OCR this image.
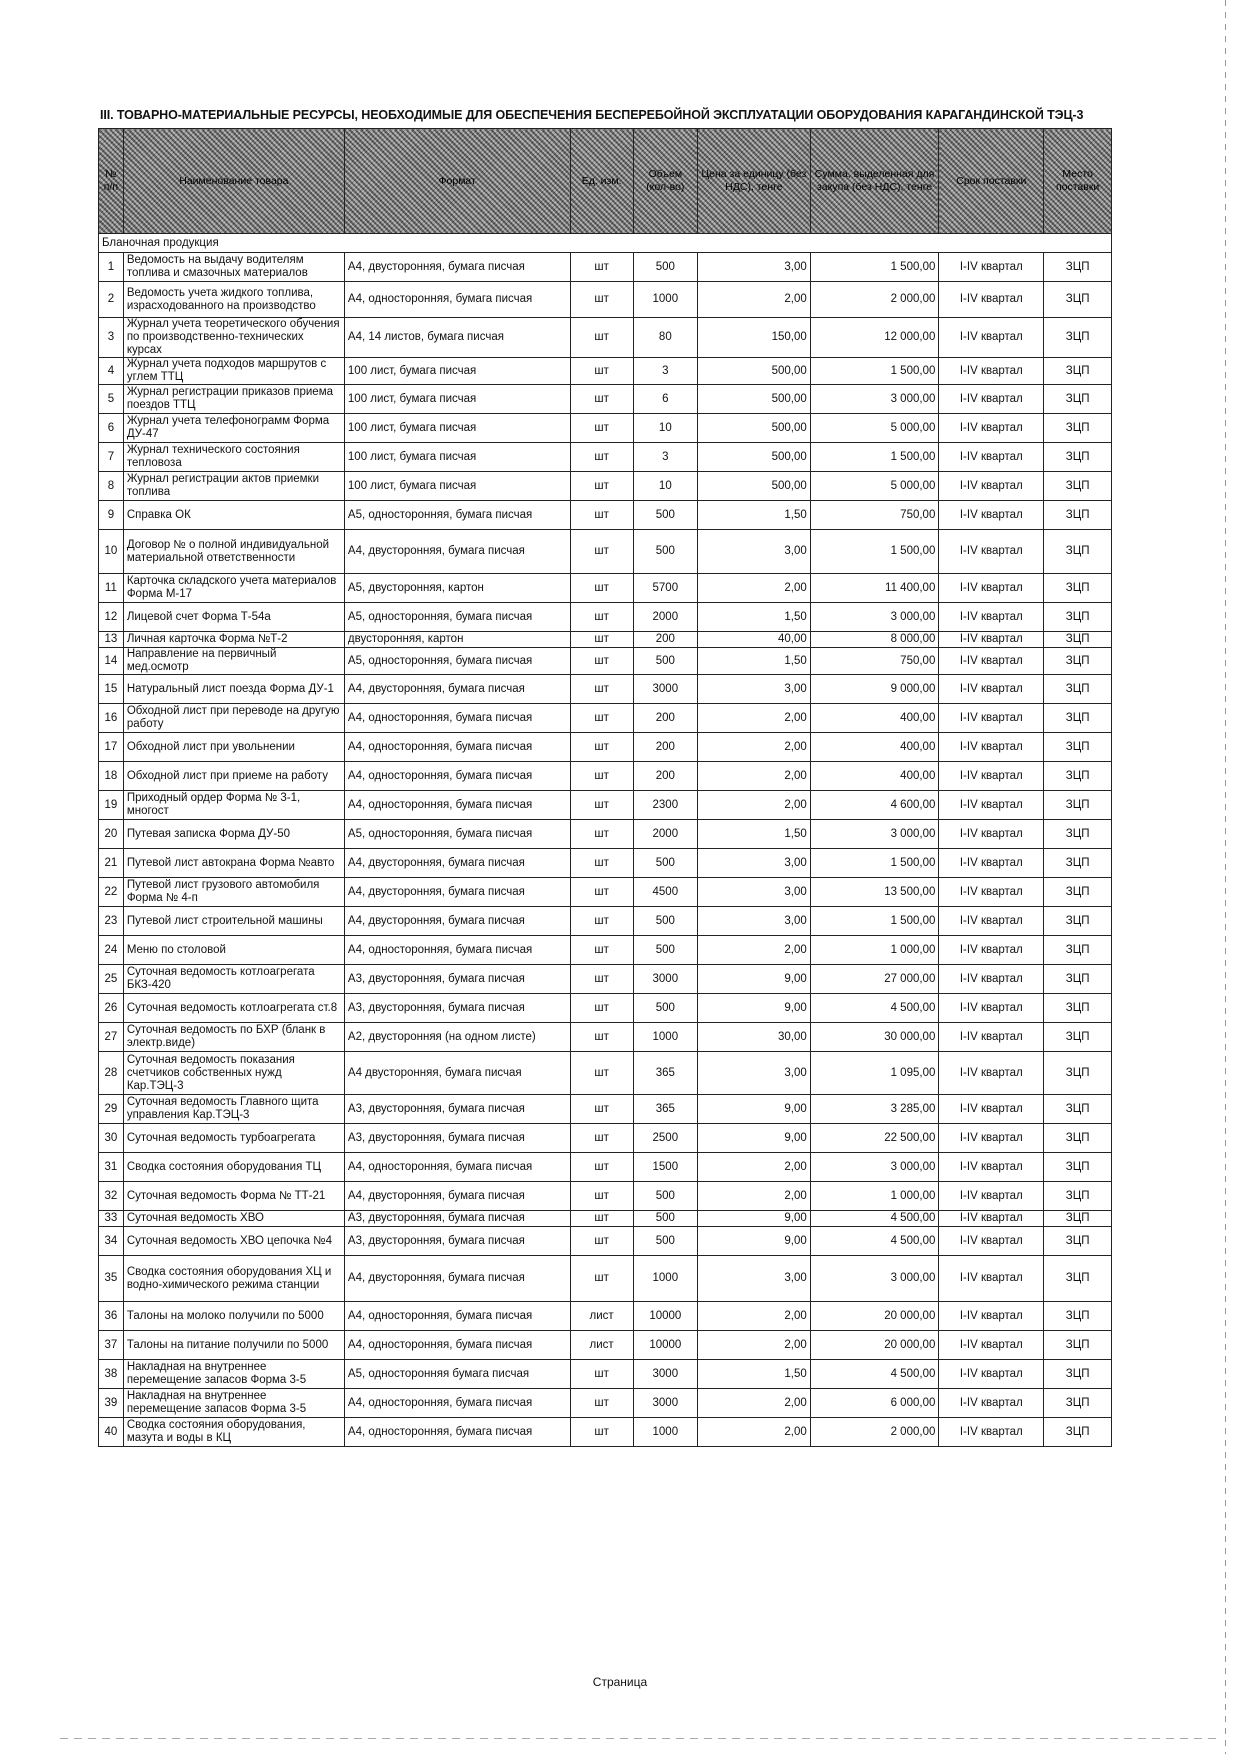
III. ТОВАРНО-МАТЕРИАЛЬНЫЕ РЕСУРСЫ, НЕОБХОДИМЫЕ ДЛЯ ОБЕСПЕЧЕНИЯ БЕСПЕРЕБОЙНОЙ ЭКСПЛУАТАЦИИ ОБОРУДОВАНИЯ КАРАГАНДИНСКОЙ ТЭЦ-3
№ п/п	Наименование товара	Формат	Ед. изм.	Объем (кол-во)	Цена за единицу (без НДС), тенге	Сумма, выделенная для закупа (без НДС), тенге	Срок поставки	Место поставки
Бланочная продукция								
1	Ведомость на выдачу водителям топлива и смазочных материалов	А4, двусторонняя, бумага писчая	шт	500	3,00	1 500,00	I-IV квартал	ЗЦП
2	Ведомость учета жидкого топлива, израсходованного на производство	А4, односторонняя, бумага писчая	шт	1000	2,00	2 000,00	I-IV квартал	ЗЦП
3	Журнал учета теоретического обучения по производственно-технических курсах	А4, 14 листов, бумага писчая	шт	80	150,00	12 000,00	I-IV квартал	ЗЦП
4	Журнал учета подходов маршрутов с углем ТТЦ	100 лист, бумага писчая	шт	3	500,00	1 500,00	I-IV квартал	ЗЦП
5	Журнал регистрации приказов приема поездов ТТЦ	100 лист, бумага писчая	шт	6	500,00	3 000,00	I-IV квартал	ЗЦП
6	Журнал учета телефонограмм Форма ДУ-47	100 лист, бумага писчая	шт	10	500,00	5 000,00	I-IV квартал	ЗЦП
7	Журнал технического состояния тепловоза	100 лист, бумага писчая	шт	3	500,00	1 500,00	I-IV квартал	ЗЦП
8	Журнал регистрации актов приемки топлива	100 лист, бумага писчая	шт	10	500,00	5 000,00	I-IV квартал	ЗЦП
9	Справка ОК	А5, односторонняя, бумага писчая	шт	500	1,50	750,00	I-IV квартал	ЗЦП
10	Договор № о полной индивидуальной материальной ответственности	А4, двусторонняя, бумага писчая	шт	500	3,00	1 500,00	I-IV квартал	ЗЦП
11	Карточка складского учета материалов Форма М-17	А5, двусторонняя, картон	шт	5700	2,00	11 400,00	I-IV квартал	ЗЦП
12	Лицевой счет Форма Т-54а	А5, односторонняя, бумага писчая	шт	2000	1,50	3 000,00	I-IV квартал	ЗЦП
13	Личная карточка Форма №Т-2	двусторонняя, картон	шт	200	40,00	8 000,00	I-IV квартал	ЗЦП
14	Направление на первичный мед.осмотр	А5, односторонняя, бумага писчая	шт	500	1,50	750,00	I-IV квартал	ЗЦП
15	Натуральный лист поезда Форма ДУ-1	А4, двусторонняя, бумага писчая	шт	3000	3,00	9 000,00	I-IV квартал	ЗЦП
16	Обходной лист при переводе на другую работу	А4, односторонняя, бумага писчая	шт	200	2,00	400,00	I-IV квартал	ЗЦП
17	Обходной лист при увольнении	А4, односторонняя, бумага писчая	шт	200	2,00	400,00	I-IV квартал	ЗЦП
18	Обходной лист при приеме на работу	А4, односторонняя, бумага писчая	шт	200	2,00	400,00	I-IV квартал	ЗЦП
19	Приходный ордер Форма № 3-1, многост	А4, односторонняя, бумага писчая	шт	2300	2,00	4 600,00	I-IV квартал	ЗЦП
20	Путевая записка Форма ДУ-50	А5, односторонняя, бумага писчая	шт	2000	1,50	3 000,00	I-IV квартал	ЗЦП
21	Путевой лист автокрана Форма №авто	А4, двусторонняя, бумага писчая	шт	500	3,00	1 500,00	I-IV квартал	ЗЦП
22	Путевой лист грузового автомобиля Форма № 4-п	А4, двусторонняя, бумага писчая	шт	4500	3,00	13 500,00	I-IV квартал	ЗЦП
23	Путевой лист строительной машины	А4, двусторонняя, бумага писчая	шт	500	3,00	1 500,00	I-IV квартал	ЗЦП
24	Меню по столовой	А4, односторонняя, бумага писчая	шт	500	2,00	1 000,00	I-IV квартал	ЗЦП
25	Суточная ведомость котлоагрегата БКЗ-420	А3, двусторонняя, бумага писчая	шт	3000	9,00	27 000,00	I-IV квартал	ЗЦП
26	Суточная ведомость котлоагрегата ст.8	А3, двусторонняя, бумага писчая	шт	500	9,00	4 500,00	I-IV квартал	ЗЦП
27	Суточная ведомость по БХР (бланк в электр.виде)	А2, двусторонняя (на одном листе)	шт	1000	30,00	30 000,00	I-IV квартал	ЗЦП
28	Суточная ведомость показания счетчиков собственных нужд Кар.ТЭЦ-3	А4 двусторонняя, бумага писчая	шт	365	3,00	1 095,00	I-IV квартал	ЗЦП
29	Суточная ведомость Главного щита управления Кар.ТЭЦ-3	А3, двусторонняя, бумага писчая	шт	365	9,00	3 285,00	I-IV квартал	ЗЦП
30	Суточная ведомость турбоагрегата	А3, двусторонняя, бумага писчая	шт	2500	9,00	22 500,00	I-IV квартал	ЗЦП
31	Сводка состояния оборудования ТЦ	А4, односторонняя, бумага писчая	шт	1500	2,00	3 000,00	I-IV квартал	ЗЦП
32	Суточная ведомость Форма № ТТ-21	А4, двусторонняя, бумага писчая	шт	500	2,00	1 000,00	I-IV квартал	ЗЦП
33	Суточная ведомость ХВО	А3, двусторонняя, бумага писчая	шт	500	9,00	4 500,00	I-IV квартал	ЗЦП
34	Суточная ведомость ХВО цепочка №4	А3, двусторонняя, бумага писчая	шт	500	9,00	4 500,00	I-IV квартал	ЗЦП
35	Сводка состояния оборудования ХЦ и водно-химического режима станции	А4, двусторонняя, бумага писчая	шт	1000	3,00	3 000,00	I-IV квартал	ЗЦП
36	Талоны на молоко получили по 5000	А4, односторонняя, бумага писчая	лист	10000	2,00	20 000,00	I-IV квартал	ЗЦП
37	Талоны на питание получили по 5000	А4, односторонняя, бумага писчая	лист	10000	2,00	20 000,00	I-IV квартал	ЗЦП
38	Накладная на внутреннее перемещение запасов Форма 3-5	А5, односторонняя бумага писчая	шт	3000	1,50	4 500,00	I-IV квартал	ЗЦП
39	Накладная на внутреннее перемещение запасов Форма 3-5	А4, односторонняя, бумага писчая	шт	3000	2,00	6 000,00	I-IV квартал	ЗЦП
40	Сводка состояния оборудования, мазута и воды в КЦ	А4, односторонняя, бумага писчая	шт	1000	2,00	2 000,00	I-IV квартал	ЗЦП
Страница
